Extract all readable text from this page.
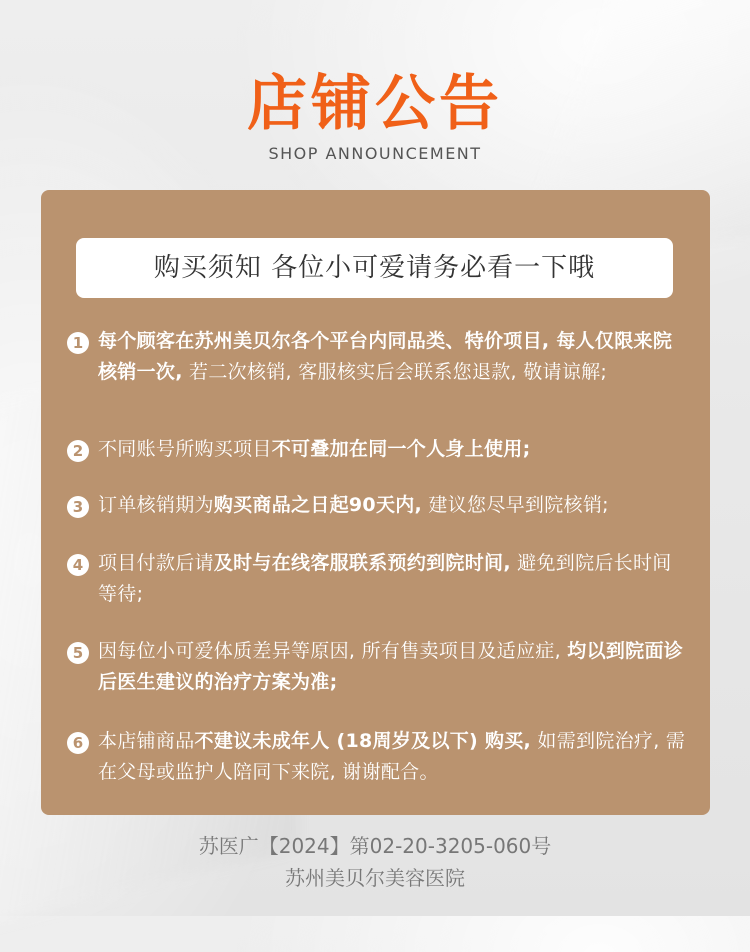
店铺公告
SHOP ANNOUNCEMENT
购买须知 各位小可爱请务必看一下哦
1 每个顾客在苏州美贝尔各个平台内同品类、特价项目, 每人仅限来院核销一次, 若二次核销, 客服核实后会联系您退款, 敬请谅解;
2 不同账号所购买项目不可叠加在同一个人身上使用;
3 订单核销期为购买商品之日起90天内, 建议您尽早到院核销;
4 项目付款后请及时与在线客服联系预约到院时间, 避免到院后长时间等待;
5 因每位小可爱体质差异等原因, 所有售卖项目及适应症, 均以到院面诊后医生建议的治疗方案为准;
6 本店铺商品不建议未成年人 (18周岁及以下) 购买, 如需到院治疗, 需在父母或监护人陪同下来院, 谢谢配合。
苏医广【2024】第02-20-3205-060号
苏州美贝尔美容医院
